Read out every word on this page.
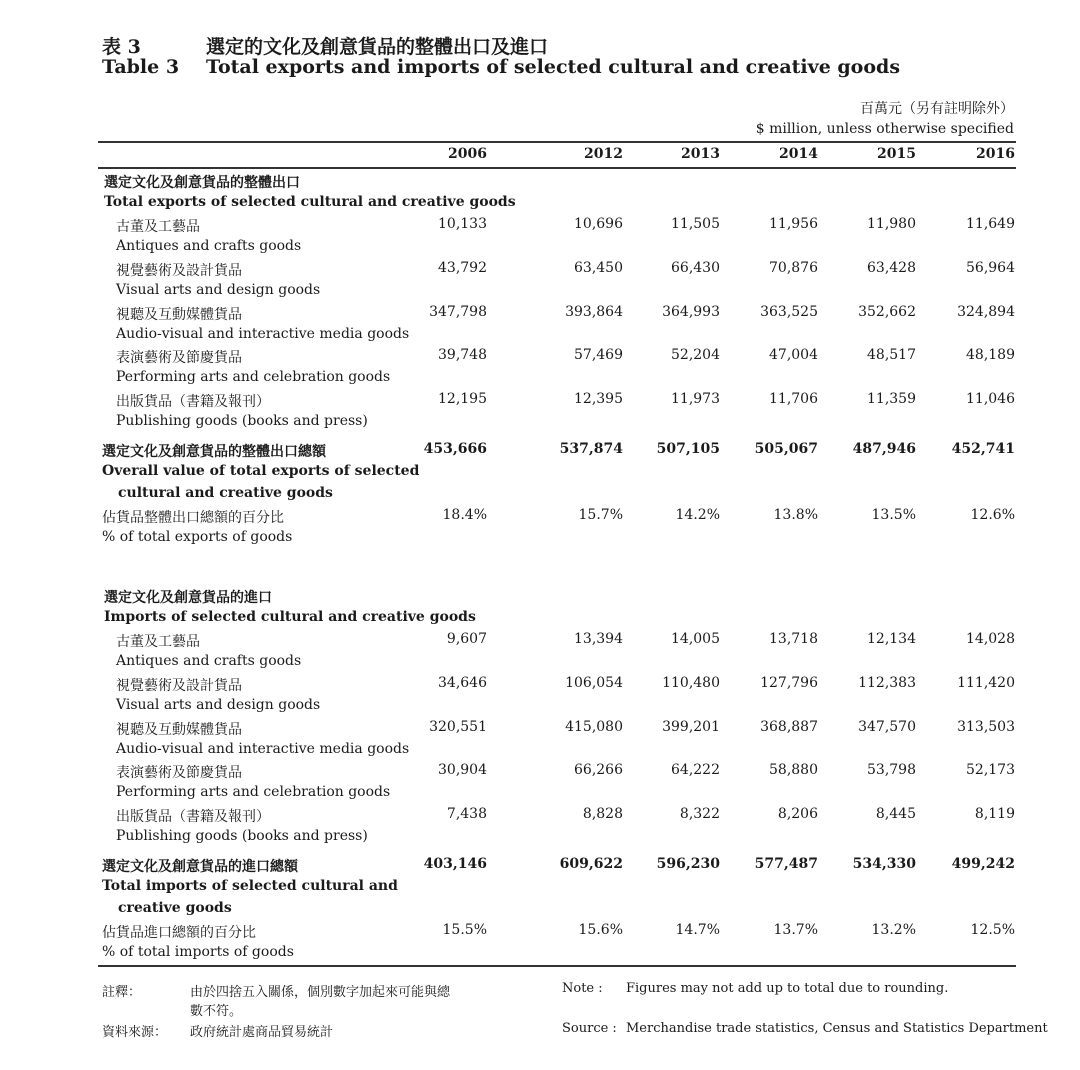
表 3	選定的文化及創意貨品的整體出口及進口
Table 3 Total exports and imports of selected cultural and creative goods
百萬元（另有註明除外）
$ million, unless otherwise specified
2006	2012	2013	2014	2015	2016
選定文化及創意貨品的整體出口
Total exports of selected cultural and creative goods
古董及工藝品	10,133	10,696	11,505	11,956	11,980	11,649
Antiques and crafts goods
視覺藝術及設計貨品	43,792	63,450	66,430	70,876	63,428	56,964
Visual arts and design goods
視聽及互動媒體貨品	347,798	393,864	364,993	363,525	352,662	324,894
Audio-visual and interactive media goods
表演藝術及節慶貨品	39,748	57,469	52,204	47,004	48,517	48,189
Performing arts and celebration goods
出版貨品（書籍及報刊）	12,195	12,395	11,973	11,706	11,359	11,046
Publishing goods (books and press)
選定文化及創意貨品的整體出口總額	453,666	537,874	507,105	505,067	487,946	452,741
Overall value of total exports of selected
cultural and creative goods
佔貨品整體出口總額的百分比	18.4%	15.7%	14.2%	13.8%	13.5%	12.6%
% of total exports of goods
選定文化及創意貨品的進口
Imports of selected cultural and creative goods
古董及工藝品	9,607	13,394	14,005	13,718	12,134	14,028
Antiques and crafts goods
視覺藝術及設計貨品	34,646	106,054	110,480	127,796	112,383	111,420
Visual arts and design goods
視聽及互動媒體貨品	320,551	415,080	399,201	368,887	347,570	313,503
Audio-visual and interactive media goods
表演藝術及節慶貨品	30,904	66,266	64,222	58,880	53,798	52,173
Performing arts and celebration goods
出版貨品（書籍及報刊）	7,438	8,828	8,322	8,206	8,445	8,119
Publishing goods (books and press)
選定文化及創意貨品的進口總額	403,146	609,622	596,230	577,487	534,330	499,242
Total imports of selected cultural and
creative goods
佔貨品進口總額的百分比	15.5%	15.6%	14.7%	13.7%	13.2%	12.5%
% of total imports of goods
註釋：	由於四捨五入關係，個別數字加起來可能與總
數不符。
資料來源： 政府統計處商品貿易統計
Note : Figures may not add up to total due to rounding.
Source : Merchandise trade statistics, Census and Statistics Department
